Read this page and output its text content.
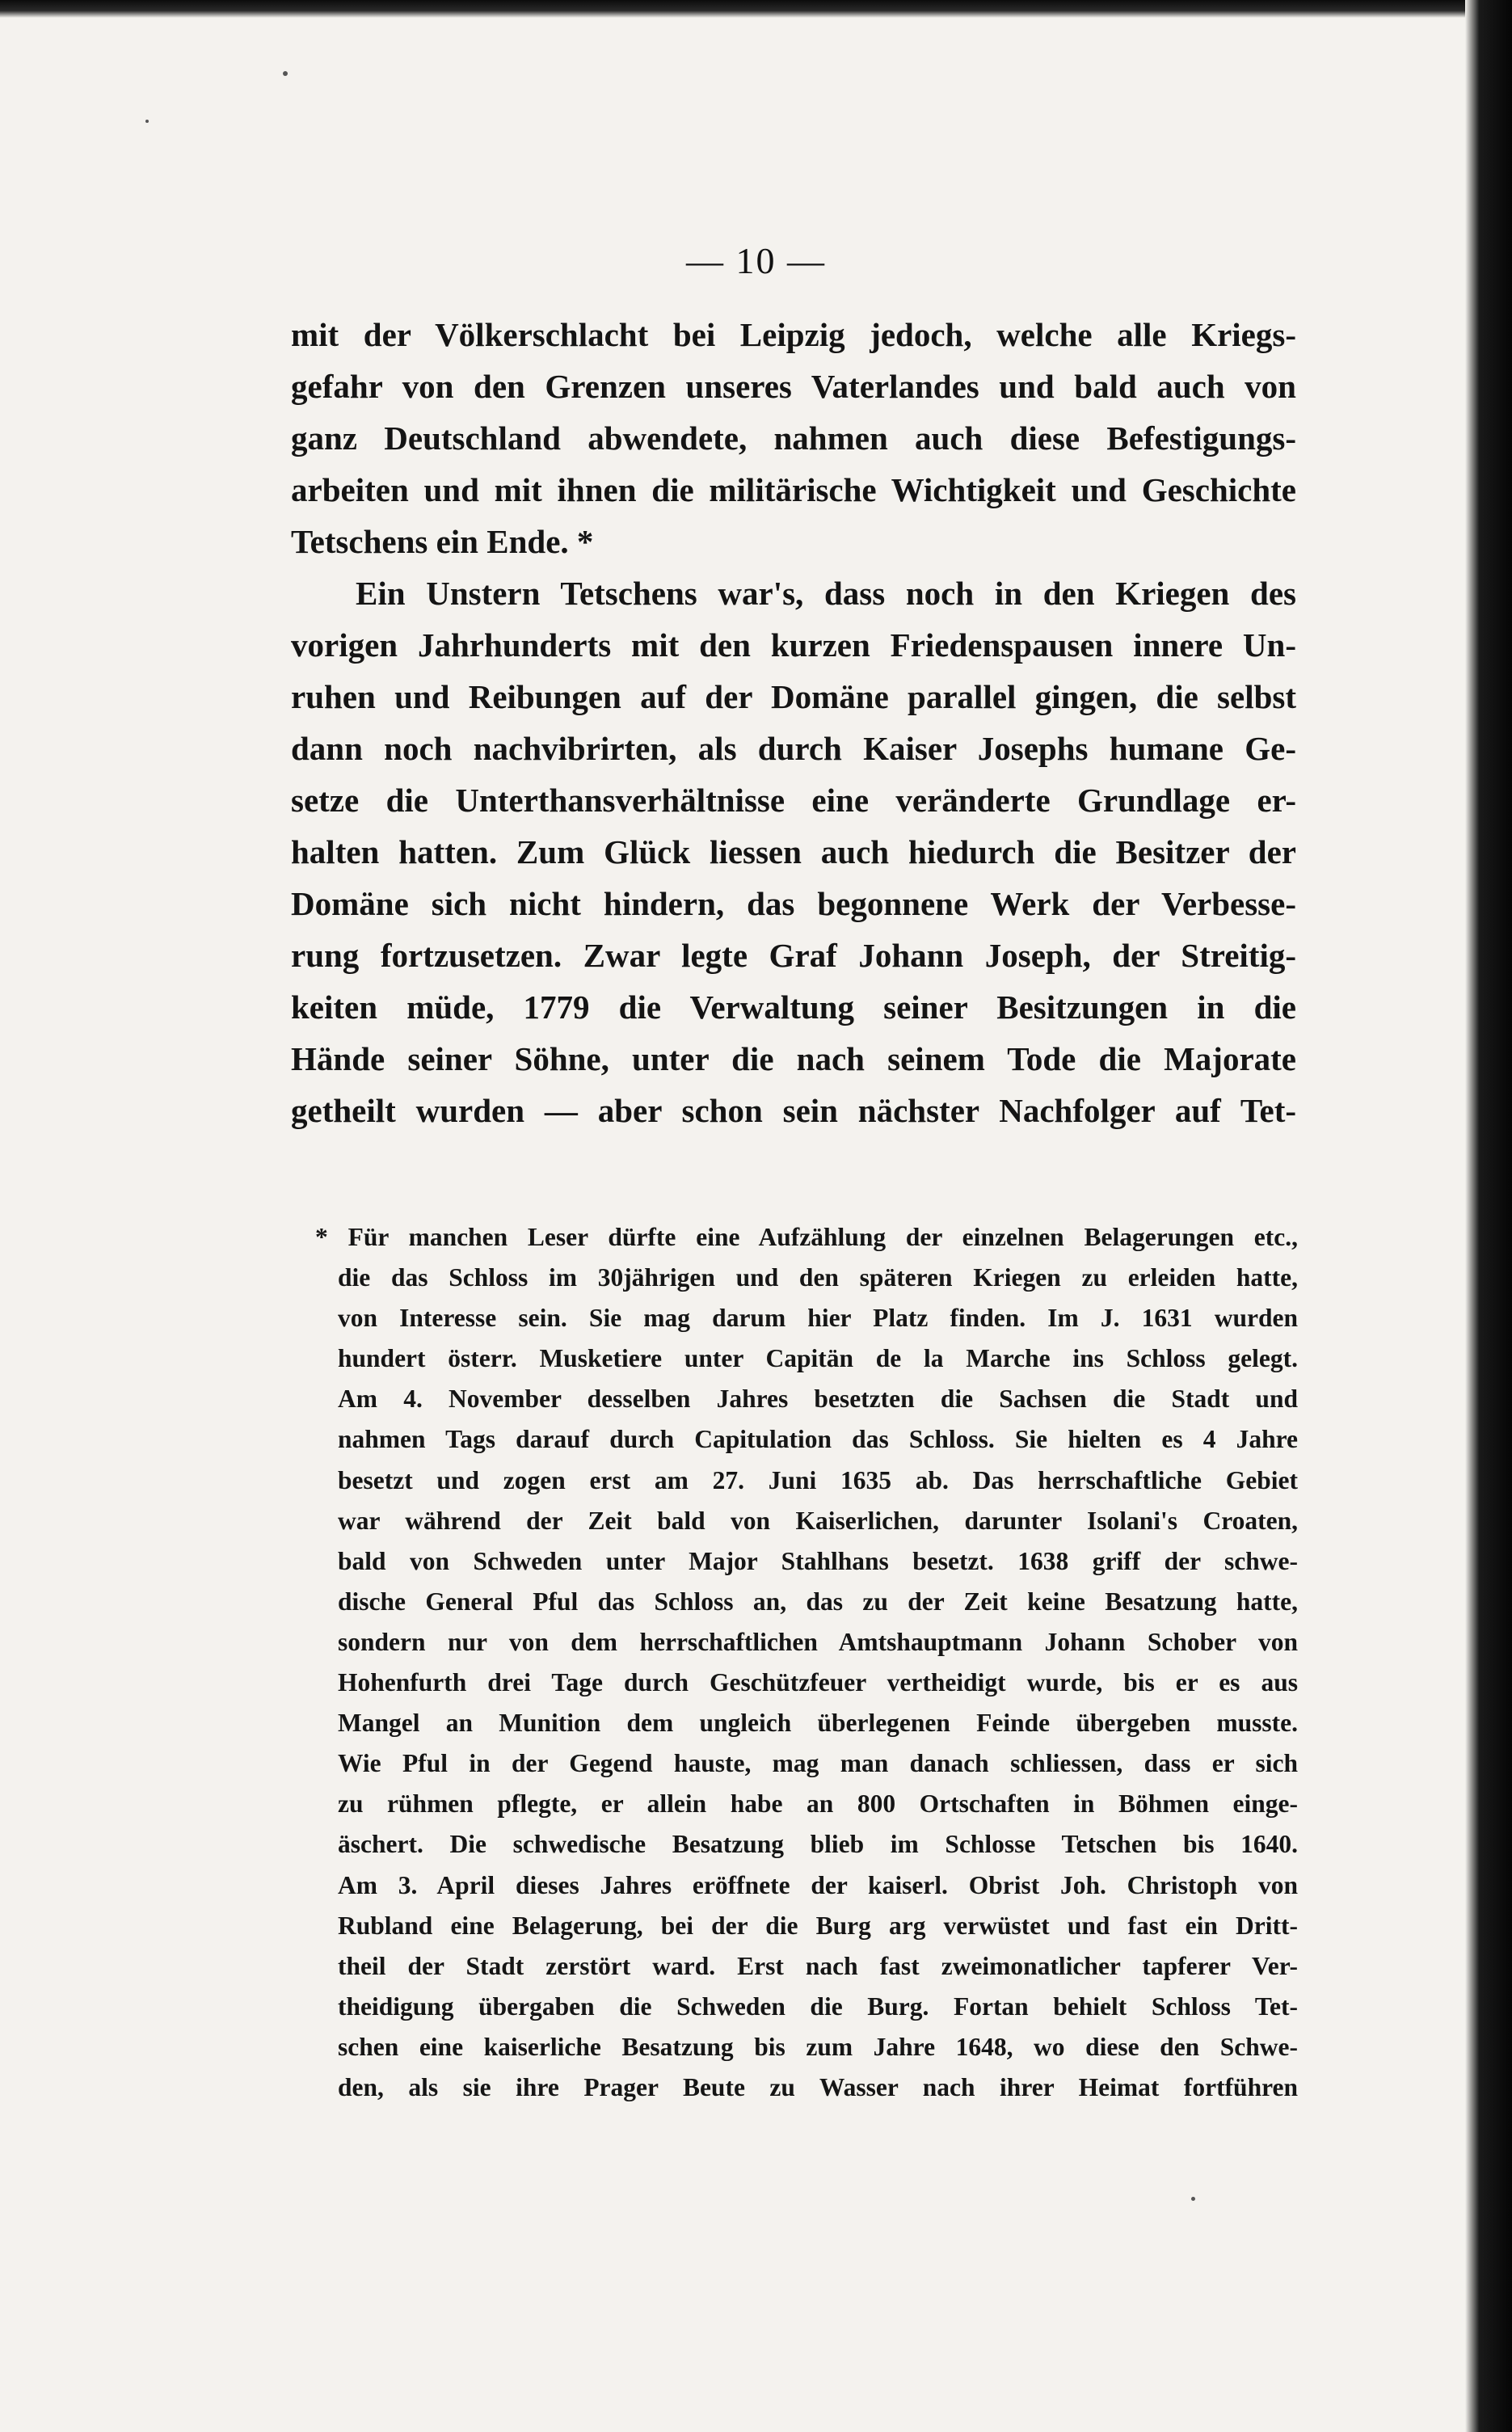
— 10 —
mit der Völkerschlacht bei Leipzig jedoch, welche alle Kriegs-
gefahr von den Grenzen unseres Vaterlandes und bald auch von
ganz Deutschland abwendete, nahmen auch diese Befestigungs-
arbeiten und mit ihnen die militärische Wichtigkeit und Geschichte
Tetschens ein Ende. *
Ein Unstern Tetschens war's, dass noch in den Kriegen des
vorigen Jahrhunderts mit den kurzen Friedenspausen innere Un-
ruhen und Reibungen auf der Domäne parallel gingen, die selbst
dann noch nachvibrirten, als durch Kaiser Josephs humane Ge-
setze die Unterthansverhältnisse eine veränderte Grundlage er-
halten hatten. Zum Glück liessen auch hiedurch die Besitzer der
Domäne sich nicht hindern, das begonnene Werk der Verbesse-
rung fortzusetzen. Zwar legte Graf Johann Joseph, der Streitig-
keiten müde, 1779 die Verwaltung seiner Besitzungen in die
Hände seiner Söhne, unter die nach seinem Tode die Majorate
getheilt wurden — aber schon sein nächster Nachfolger auf Tet-
* Für manchen Leser dürfte eine Aufzählung der einzelnen Belagerungen etc.,
die das Schloss im 30jährigen und den späteren Kriegen zu erleiden hatte,
von Interesse sein. Sie mag darum hier Platz finden. Im J. 1631 wurden
hundert österr. Musketiere unter Capitän de la Marche ins Schloss gelegt.
Am 4. November desselben Jahres besetzten die Sachsen die Stadt und
nahmen Tags darauf durch Capitulation das Schloss. Sie hielten es 4 Jahre
besetzt und zogen erst am 27. Juni 1635 ab. Das herrschaftliche Gebiet
war während der Zeit bald von Kaiserlichen, darunter Isolani's Croaten,
bald von Schweden unter Major Stahlhans besetzt. 1638 griff der schwe-
dische General Pful das Schloss an, das zu der Zeit keine Besatzung hatte,
sondern nur von dem herrschaftlichen Amtshauptmann Johann Schober von
Hohenfurth drei Tage durch Geschützfeuer vertheidigt wurde, bis er es aus
Mangel an Munition dem ungleich überlegenen Feinde übergeben musste.
Wie Pful in der Gegend hauste, mag man danach schliessen, dass er sich
zu rühmen pflegte, er allein habe an 800 Ortschaften in Böhmen einge-
äschert. Die schwedische Besatzung blieb im Schlosse Tetschen bis 1640.
Am 3. April dieses Jahres eröffnete der kaiserl. Obrist Joh. Christoph von
Rubland eine Belagerung, bei der die Burg arg verwüstet und fast ein Dritt-
theil der Stadt zerstört ward. Erst nach fast zweimonatlicher tapferer Ver-
theidigung übergaben die Schweden die Burg. Fortan behielt Schloss Tet-
schen eine kaiserliche Besatzung bis zum Jahre 1648, wo diese den Schwe-
den, als sie ihre Prager Beute zu Wasser nach ihrer Heimat fortführen
